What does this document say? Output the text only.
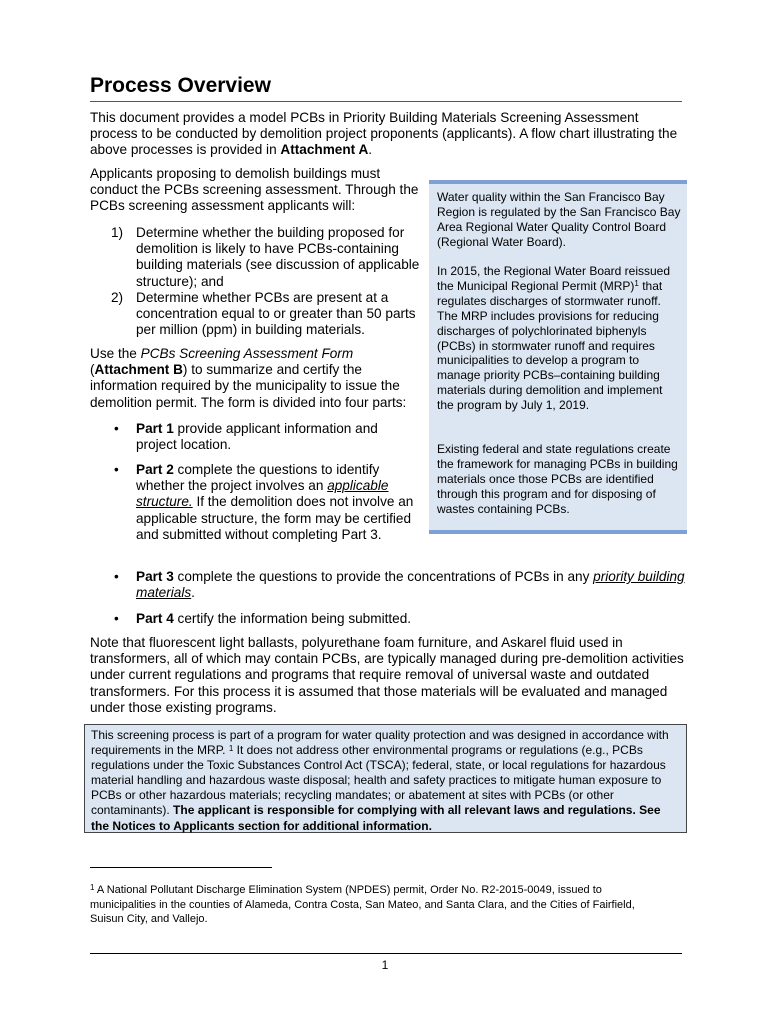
Process Overview

This document provides a model PCBs in Priority Building Materials Screening Assessment process to be conducted by demolition project proponents (applicants). A flow chart illustrating the above processes is provided in Attachment A.

Applicants proposing to demolish buildings must conduct the PCBs screening assessment. Through the PCBs screening assessment applicants will:

1) Determine whether the building proposed for demolition is likely to have PCBs-containing building materials (see discussion of applicable structure); and
2) Determine whether PCBs are present at a concentration equal to or greater than 50 parts per million (ppm) in building materials.

Use the PCBs Screening Assessment Form (Attachment B) to summarize and certify the information required by the municipality to issue the demolition permit. The form is divided into four parts:

• Part 1 provide applicant information and project location.
• Part 2 complete the questions to identify whether the project involves an applicable structure. If the demolition does not involve an applicable structure, the form may be certified and submitted without completing Part 3.
Water quality within the San Francisco Bay Region is regulated by the San Francisco Bay Area Regional Water Quality Control Board (Regional Water Board).
In 2015, the Regional Water Board reissued the Municipal Regional Permit (MRP)$^1$ that regulates discharges of stormwater runoff. The MRP includes provisions for reducing discharges of polychlorinated biphenyls (PCBs) in stormwater runoff and requires municipalities to develop a program to manage priority PCBs–containing building materials during demolition and implement the program by July 1, 2019.
Existing federal and state regulations create the framework for managing PCBs in building materials once those PCBs are identified through this program and for disposing of wastes containing PCBs.
• Part 3 complete the questions to provide the concentrations of PCBs in any priority building materials.
• Part 4 certify the information being submitted.

Note that fluorescent light ballasts, polyurethane foam furniture, and Askarel fluid used in transformers, all of which may contain PCBs, are typically managed during pre-demolition activities under current regulations and programs that require removal of universal waste and outdated transformers. For this process it is assumed that those materials will be evaluated and managed under those existing programs.

This screening process is part of a program for water quality protection and was designed in accordance with requirements in the MRP. $^1$ It does not address other environmental programs or regulations (e.g., PCBs regulations under the Toxic Substances Control Act (TSCA); federal, state, or local regulations for hazardous material handling and hazardous waste disposal; health and safety practices to mitigate human exposure to PCBs or other hazardous materials; recycling mandates; or abatement at sites with PCBs (or other contaminants). The applicant is responsible for complying with all relevant laws and regulations. See the Notices to Applicants section for additional information.
$^1$ A National Pollutant Discharge Elimination System (NPDES) permit, Order No. R2-2015-0049, issued to municipalities in the counties of Alameda, Contra Costa, San Mateo, and Santa Clara, and the Cities of Fairfield, Suisun City, and Vallejo.
1
